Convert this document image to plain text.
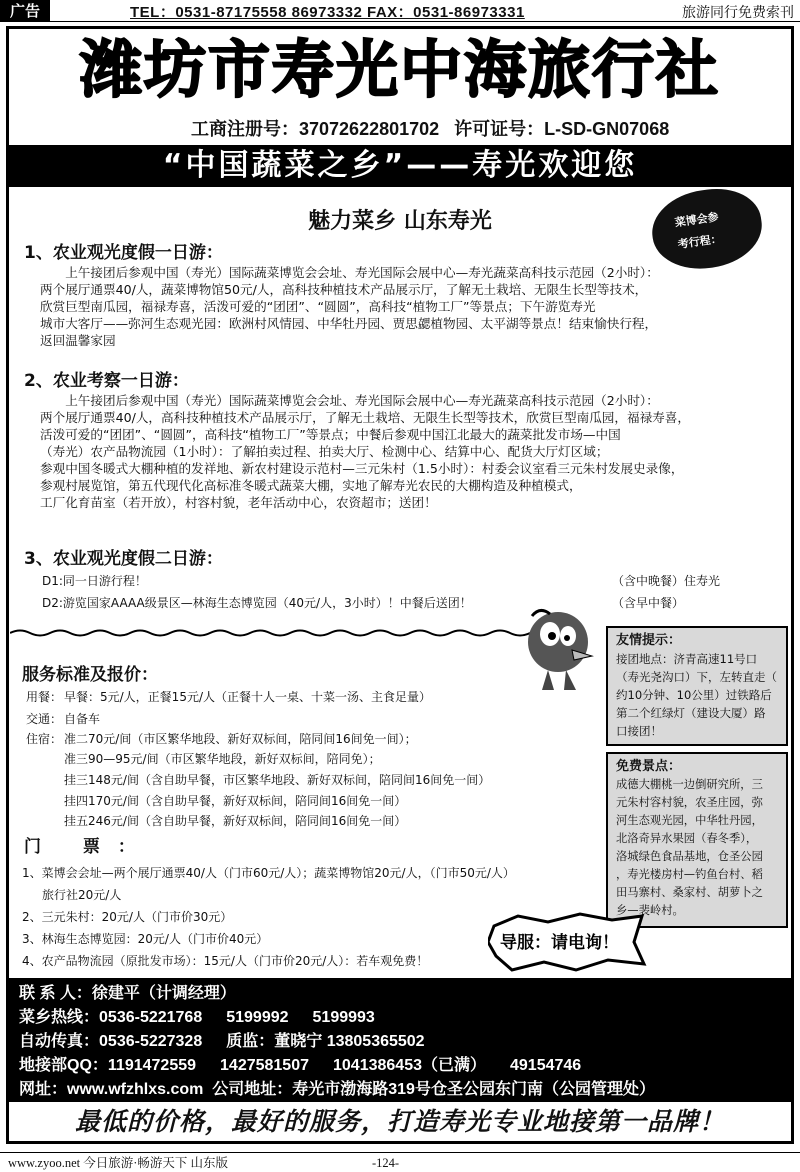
广告	TEL：0531-87175558 86973332 FAX：0531-86973331	旅游同行免费索刊
潍坊市寿光中海旅行社
工商注册号：37072622801702 许可证号：L-SD-GN07068
“中国蔬菜之乡”——寿光欢迎您
魅力菜乡 山东寿光	菜博会参
考行程：
1、农业观光度假一日游：
上午接团后参观中国（寿光）国际蔬菜博览会会址、寿光国际会展中心—寿光蔬菜高科技示范园（2小时）：
两个展厅通票40/人，蔬菜博物馆50元/人，高科技种植技术产品展示厅，了解无土栽培、无限生长型等技术，
欣赏巨型南瓜园，福禄寿喜，活泼可爱的“团团”、“圆圆”，高科技“植物工厂”等景点；下午游览寿光
城市大客厅——弥河生态观光园：欧洲村风情园、中华牡丹园、贾思勰植物园、太平湖等景点！结束愉快行程，
返回温馨家园
2、农业考察一日游：
上午接团后参观中国（寿光）国际蔬菜博览会会址、寿光国际会展中心—寿光蔬菜高科技示范园（2小时）：
两个展厅通票40/人，高科技种植技术产品展示厅，了解无土栽培、无限生长型等技术，欣赏巨型南瓜园，福禄寿喜，
活泼可爱的“团团”、“圆圆”，高科技“植物工厂”等景点；中餐后参观中国江北最大的蔬菜批发市场—中国
（寿光）农产品物流园（1小时）：了解拍卖过程、拍卖大厅、检测中心、结算中心、配货大厅灯区域；
参观中国冬暖式大棚种植的发祥地、新农村建设示范村—三元朱村（1.5小时）：村委会议室看三元朱村发展史录像，
参观村展览馆，第五代现代化高标准冬暖式蔬菜大棚，实地了解寿光农民的大棚构造及种植模式，
工厂化育苗室（若开放），村容村貌，老年活动中心，农资超市；送团！
3、农业观光度假二日游：
D1:同一日游行程！	（含中晚餐）住寿光
D2:游览国家AAAA级景区—林海生态博览园（40元/人，3小时）！中餐后送团！	（含早中餐）
友情提示：
接团地点：济青高速11号口
（寿光尧沟口）下，左转直走（
约10分钟、10公里）过铁路后
第二个红绿灯（建设大厦）路
口接团！
免费景点：
成德大棚桃一边倒研究所，三
元朱村容村貌，农圣庄园，弥
河生态观光园，中华牡丹园，
北洛奇异水果园（春冬季），
洛城绿色食品基地，仓圣公园
，寿光楼房村—钓鱼台村、稻
田马寨村、桑家村、胡萝卜之
乡—裴岭村。
服务标准及报价：
用餐： 早餐：5元/人，正餐15元/人（正餐十人一桌、十菜一汤、主食足量）
交通： 自备车
住宿： 准二70元/间（市区繁华地段、新好双标间，陪同间16间免一间）；
准三90—95元/间（市区繁华地段，新好双标间，陪同免）；
挂三148元/间（含自助早餐，市区繁华地段、新好双标间，陪同间16间免一间）
挂四170元/间（含自助早餐，新好双标间，陪同间16间免一间）
挂五246元/间（含自助早餐，新好双标间，陪同间16间免一间）
门 票：
1、菜博会会址—两个展厅通票40/人（门市60元/人）；蔬菜博物馆20元/人，（门市50元/人）
旅行社20元/人
2、三元朱村：20元/人（门市价30元）
3、林海生态博览园：20元/人（门市价40元）
4、农产品物流园（原批发市场）：15元/人（门市价20元/人）：若车观免费！
导服：请电询！
联 系 人：徐建平（计调经理）
菜乡热线：0536-5221768 5199992 5199993
自动传真：0536-5227328 质监：董晓宁 13805365502
地接部QQ：1191472559 1427581507 1041386453（已满） 49154746
网址：www.wfzhlxs.com 公司地址：寿光市渤海路319号仓圣公园东门南（公园管理处）
最低的价格，最好的服务，打造寿光专业地接第一品牌！
www.zyoo.net 今日旅游·畅游天下 山东版	-124-
